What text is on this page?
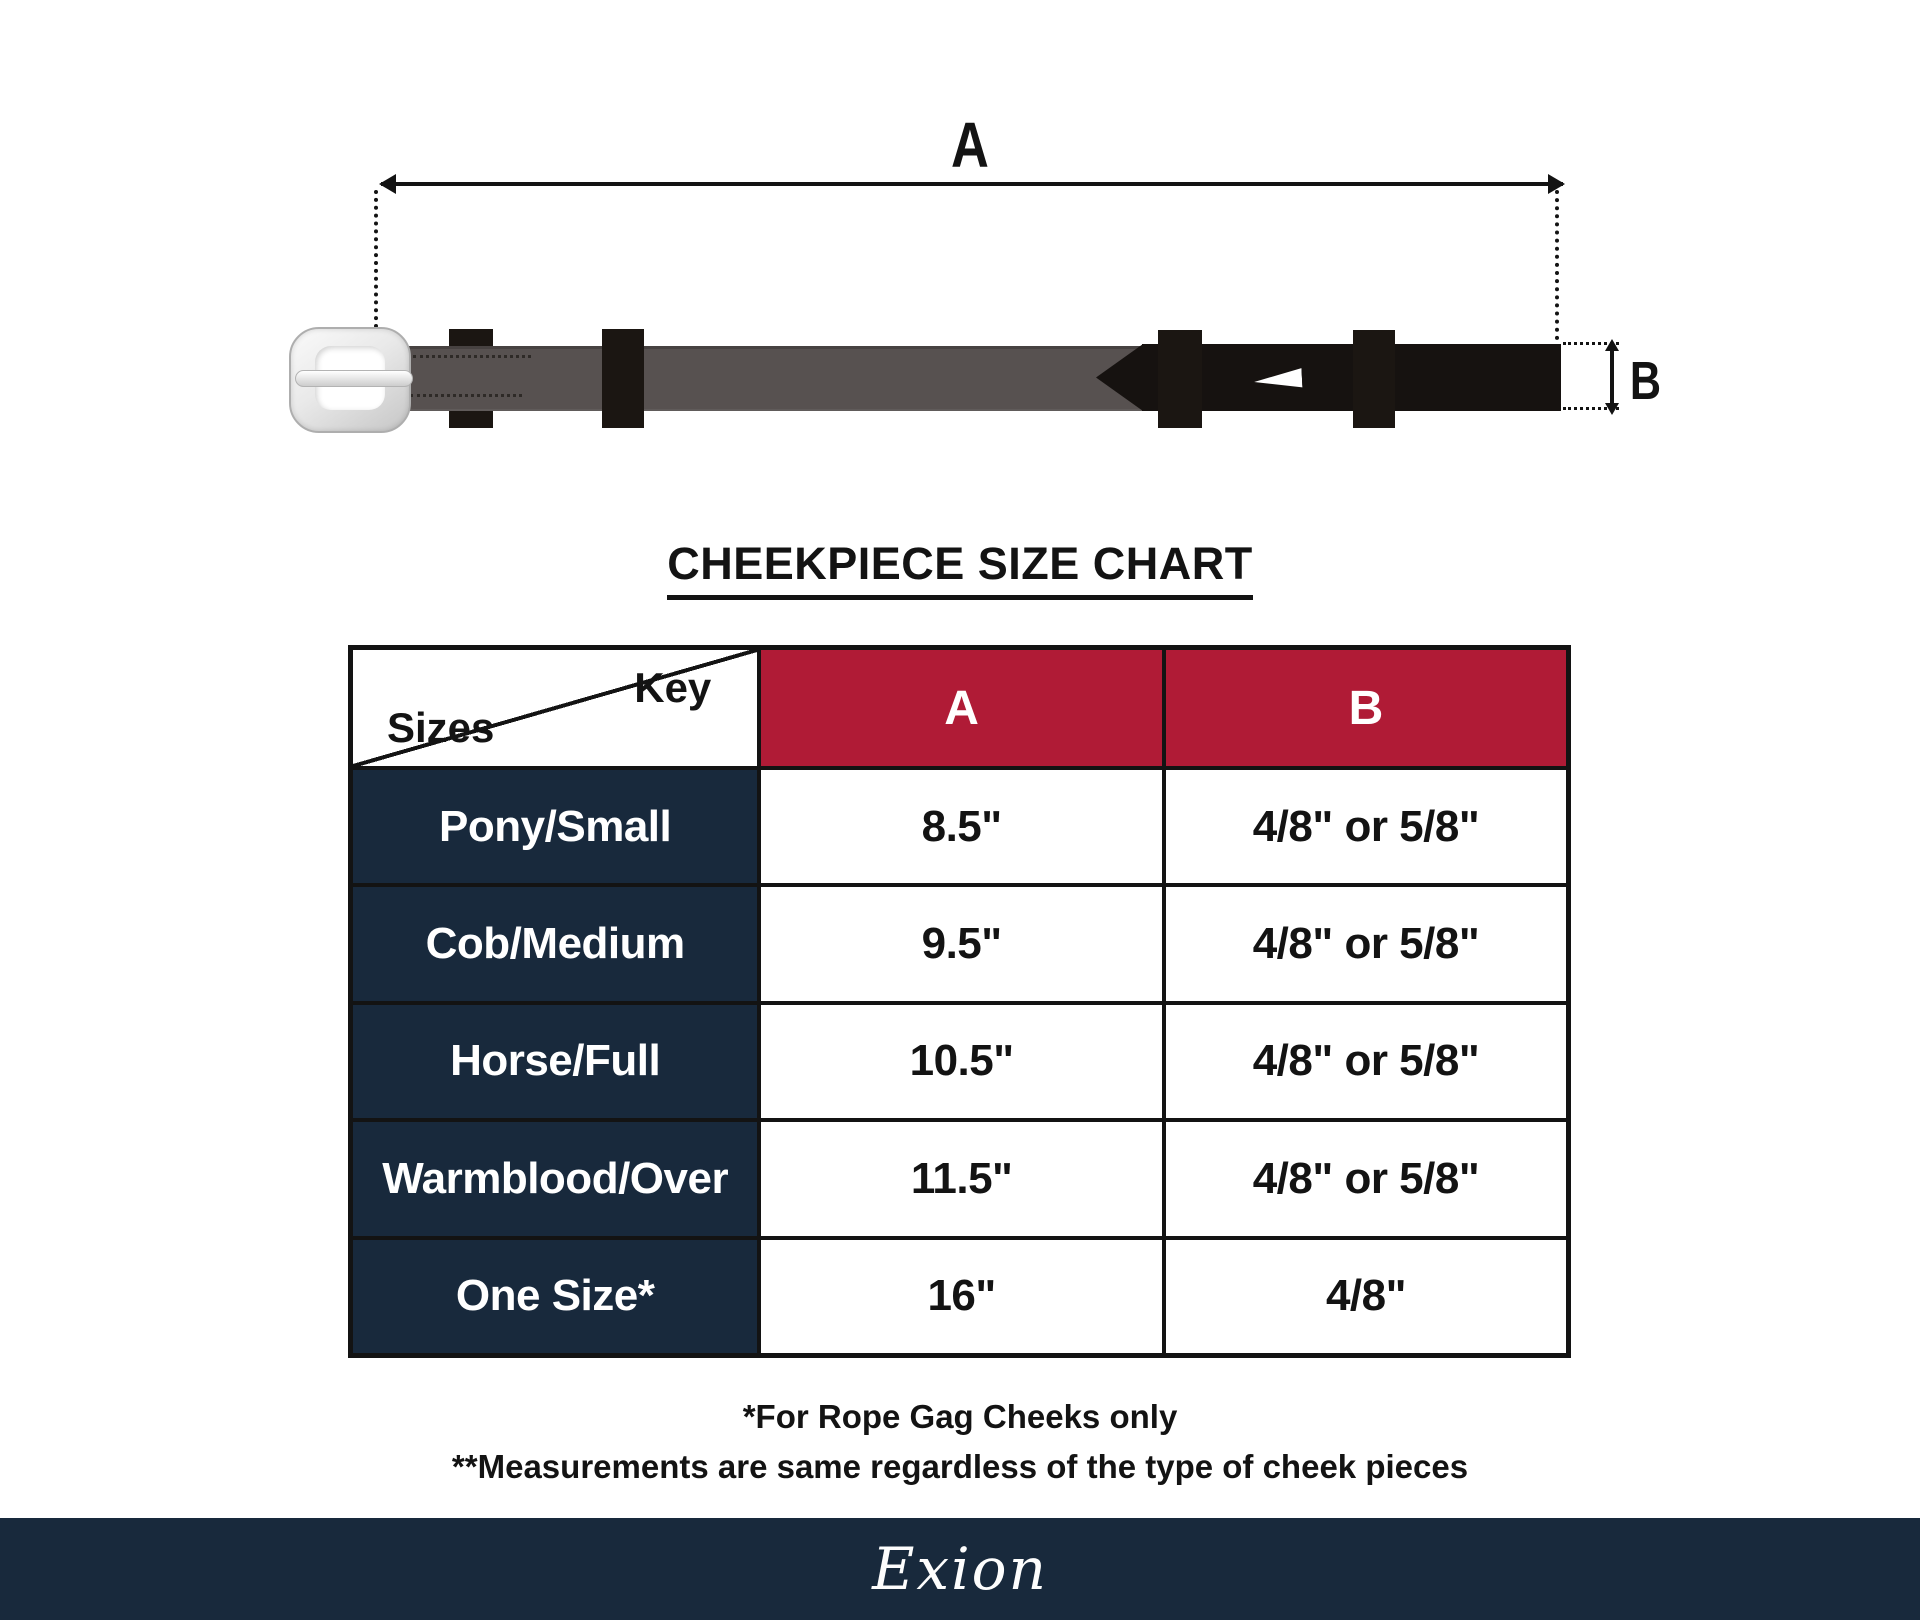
A
B
CHEEKPIECE SIZE CHART
Key
Sizes	A	B
Pony/Small	8.5"	4/8" or 5/8"
Cob/Medium	9.5"	4/8" or 5/8"
Horse/Full	10.5"	4/8" or 5/8"
Warmblood/Over	11.5"	4/8" or 5/8"
One Size*	16"	4/8"

*For Rope Gag Cheeks only

**Measurements are same regardless of the type of cheek pieces

Exion
